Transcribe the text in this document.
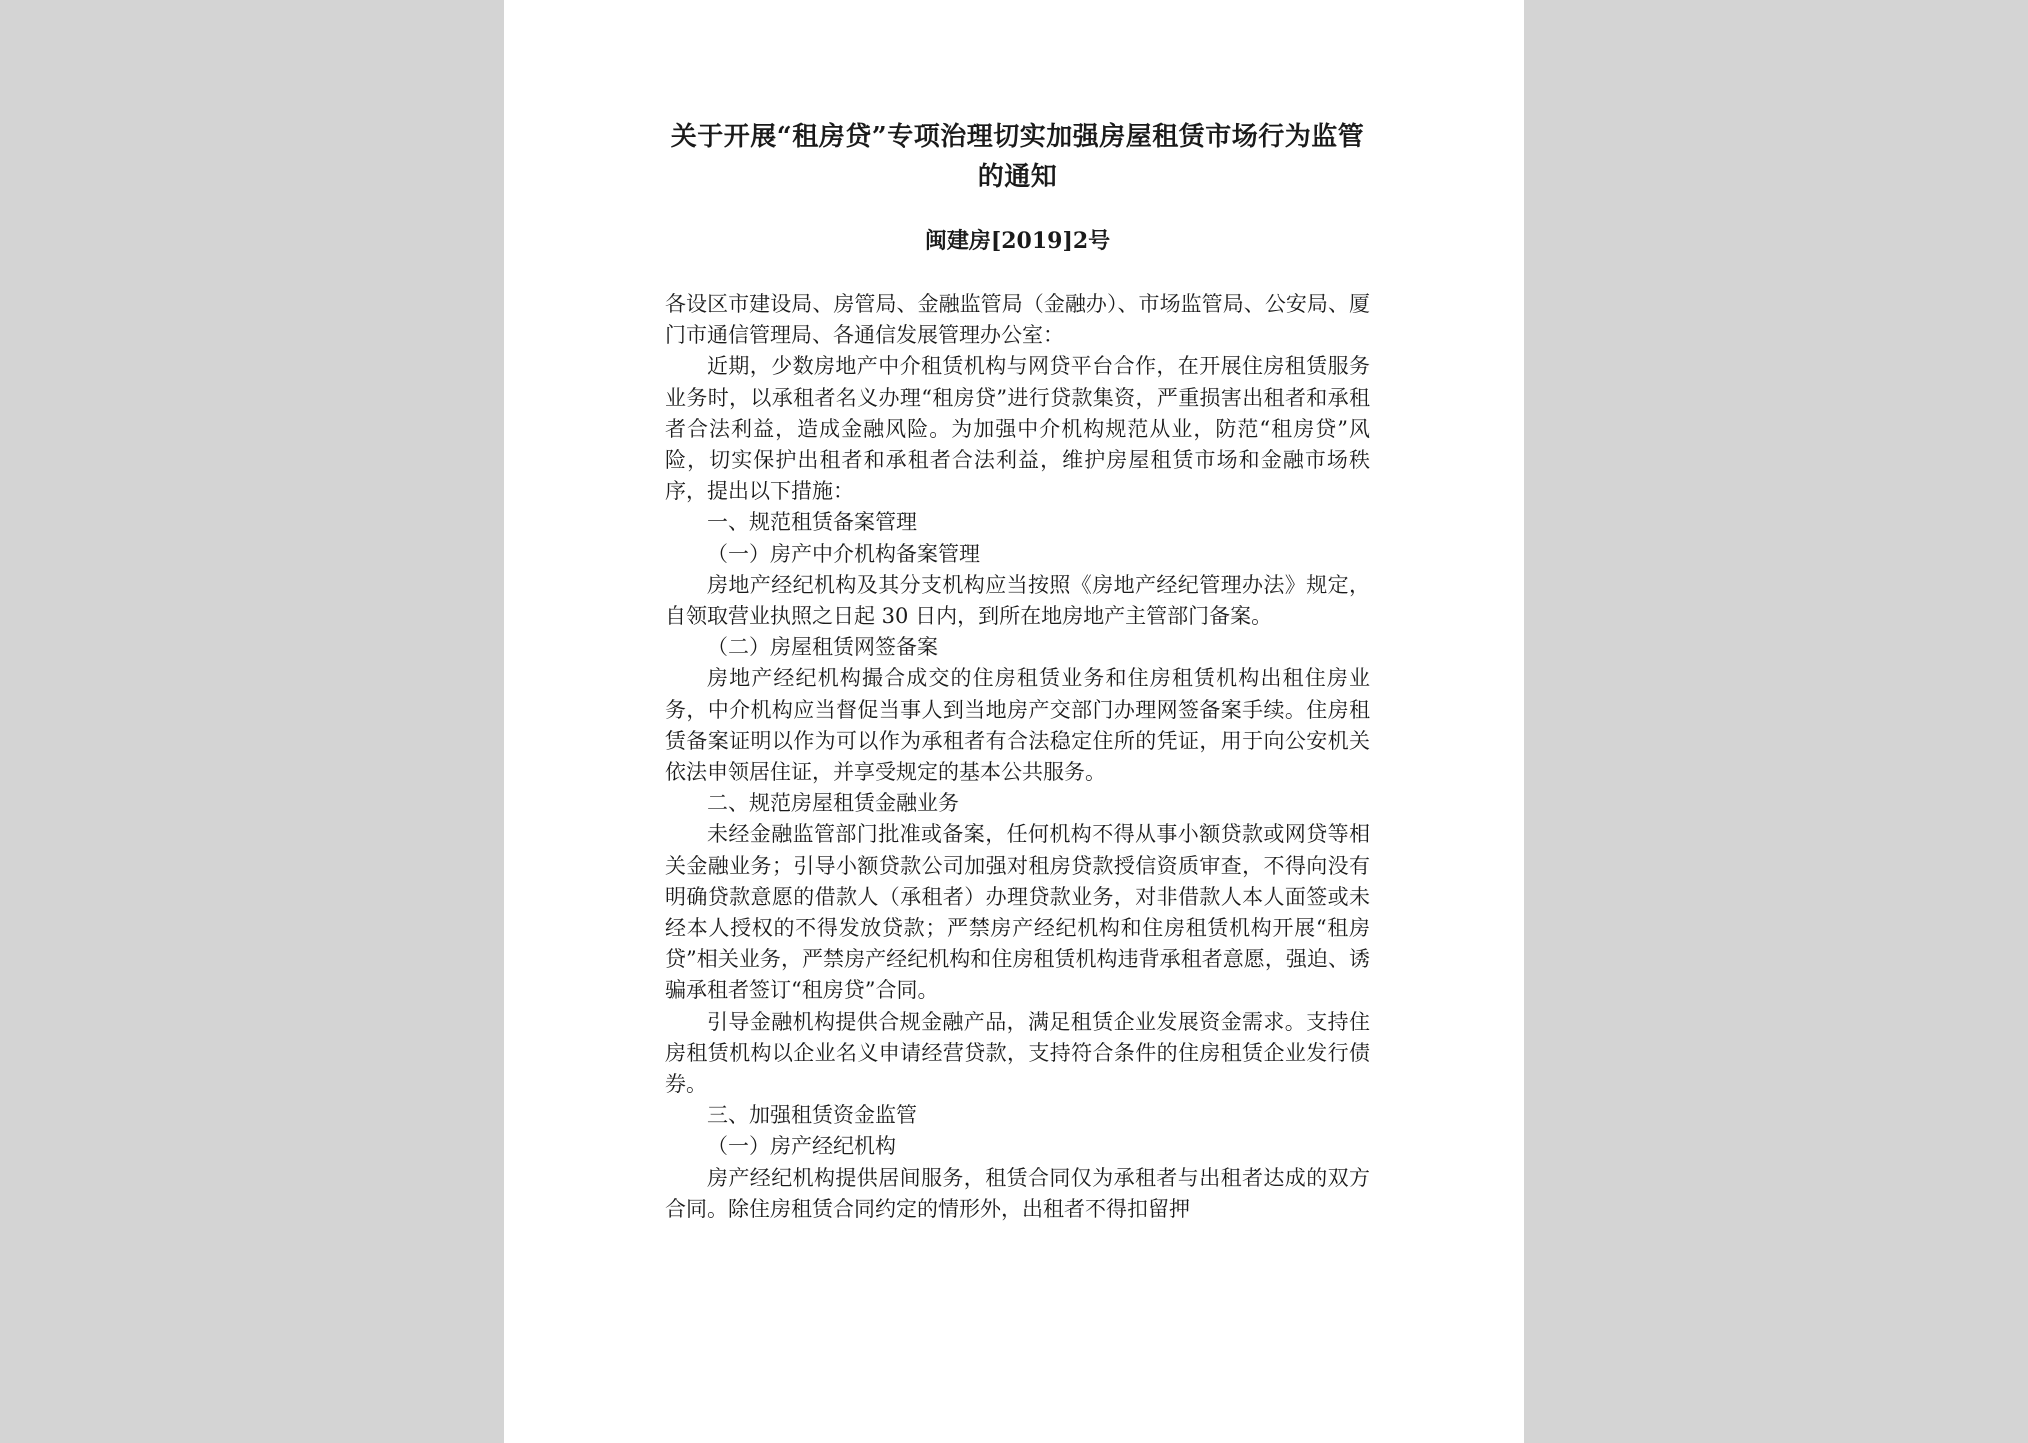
关于开展“租房贷”专项治理切实加强房屋租赁市场行为监管的通知
闽建房[2019]2号

各设区市建设局、房管局、金融监管局（金融办）、市场监管局、公安局、厦门市通信管理局、各通信发展管理办公室：

近期，少数房地产中介租赁机构与网贷平台合作，在开展住房租赁服务业务时，以承租者名义办理“租房贷”进行贷款集资，严重损害出租者和承租者合法利益，造成金融风险。为加强中介机构规范从业，防范“租房贷”风险，切实保护出租者和承租者合法利益，维护房屋租赁市场和金融市场秩序，提出以下措施：

一、规范租赁备案管理

（一）房产中介机构备案管理

房地产经纪机构及其分支机构应当按照《房地产经纪管理办法》规定，自领取营业执照之日起 30 日内，到所在地房地产主管部门备案。

（二）房屋租赁网签备案

房地产经纪机构撮合成交的住房租赁业务和住房租赁机构出租住房业务，中介机构应当督促当事人到当地房产交部门办理网签备案手续。住房租赁备案证明以作为可以作为承租者有合法稳定住所的凭证，用于向公安机关依法申领居住证，并享受规定的基本公共服务。

二、规范房屋租赁金融业务

未经金融监管部门批准或备案，任何机构不得从事小额贷款或网贷等相关金融业务；引导小额贷款公司加强对租房贷款授信资质审查，不得向没有明确贷款意愿的借款人（承租者）办理贷款业务，对非借款人本人面签或未经本人授权的不得发放贷款；严禁房产经纪机构和住房租赁机构开展“租房贷”相关业务，严禁房产经纪机构和住房租赁机构违背承租者意愿，强迫、诱骗承租者签订“租房贷”合同。

引导金融机构提供合规金融产品，满足租赁企业发展资金需求。支持住房租赁机构以企业名义申请经营贷款，支持符合条件的住房租赁企业发行债券。

三、加强租赁资金监管

（一）房产经纪机构

房产经纪机构提供居间服务，租赁合同仅为承租者与出租者达成的双方合同。除住房租赁合同约定的情形外，出租者不得扣留押
